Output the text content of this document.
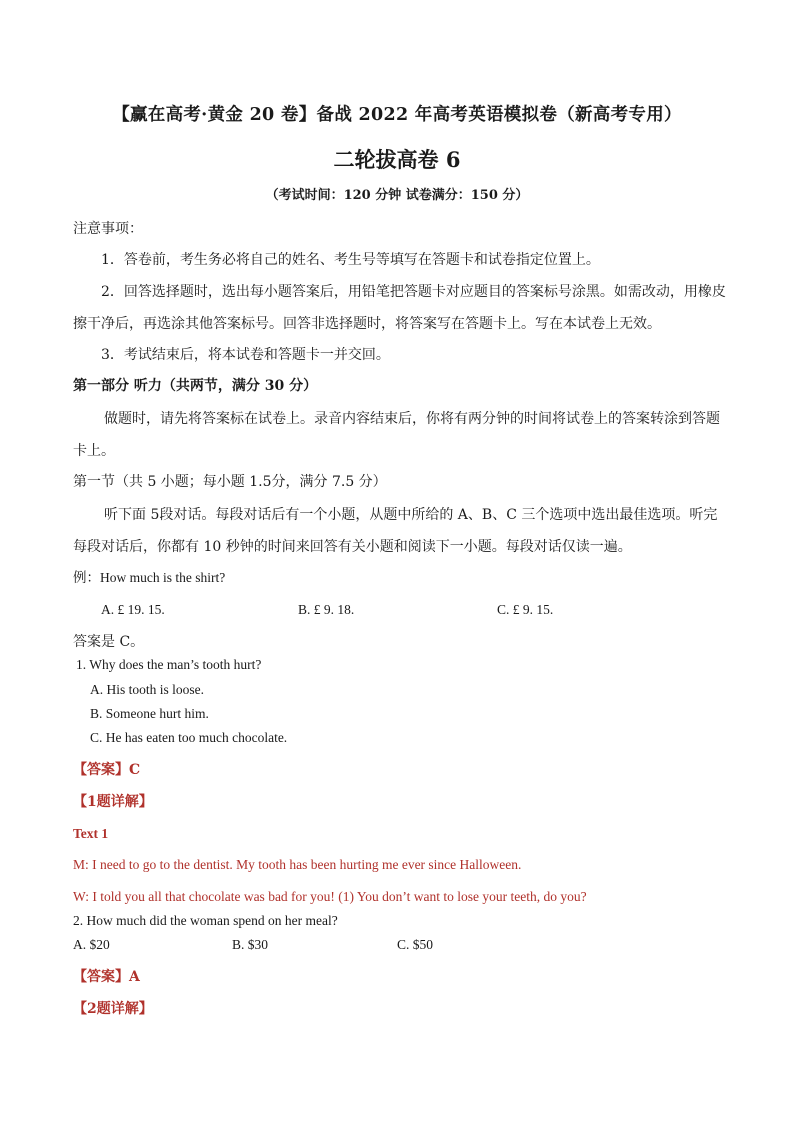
【赢在高考·黄金 20 卷】备战 2022 年高考英语模拟卷（新高考专用）
二轮拔高卷 6
（考试时间：120 分钟 试卷满分：150 分）
注意事项：
1．答卷前，考生务必将自己的姓名、考生号等填写在答题卡和试卷指定位置上。
2．回答选择题时，选出每小题答案后，用铅笔把答题卡对应题目的答案标号涂黑。如需改动，用橡皮
擦干净后，再选涂其他答案标号。回答非选择题时，将答案写在答题卡上。写在本试卷上无效。
3．考试结束后，将本试卷和答题卡一并交回。
第一部分 听力（共两节，满分 30 分）
做题时，请先将答案标在试卷上。录音内容结束后，你将有两分钟的时间将试卷上的答案转涂到答题
卡上。
第一节（共 5 小题；每小题 1.5分，满分 7.5 分）
听下面 5段对话。每段对话后有一个小题，从题中所给的 A、B、C 三个选项中选出最佳选项。听完
每段对话后，你都有 10 秒钟的时间来回答有关小题和阅读下一小题。每段对话仅读一遍。
例：How much is the shirt?
A. £ 19. 15.	B. £ 9. 18.	C. £ 9. 15.
答案是 C。
1. Why does the man’s tooth hurt?
A. His tooth is loose.
B. Someone hurt him.
C. He has eaten too much chocolate.
【答案】C
【1题详解】
Text 1
M: I need to go to the dentist. My tooth has been hurting me ever since Halloween.
W: I told you all that chocolate was bad for you! (1) You don’t want to lose your teeth, do you?
2. How much did the woman spend on her meal?
A. $20	B. $30	C. $50
【答案】A
【2题详解】
